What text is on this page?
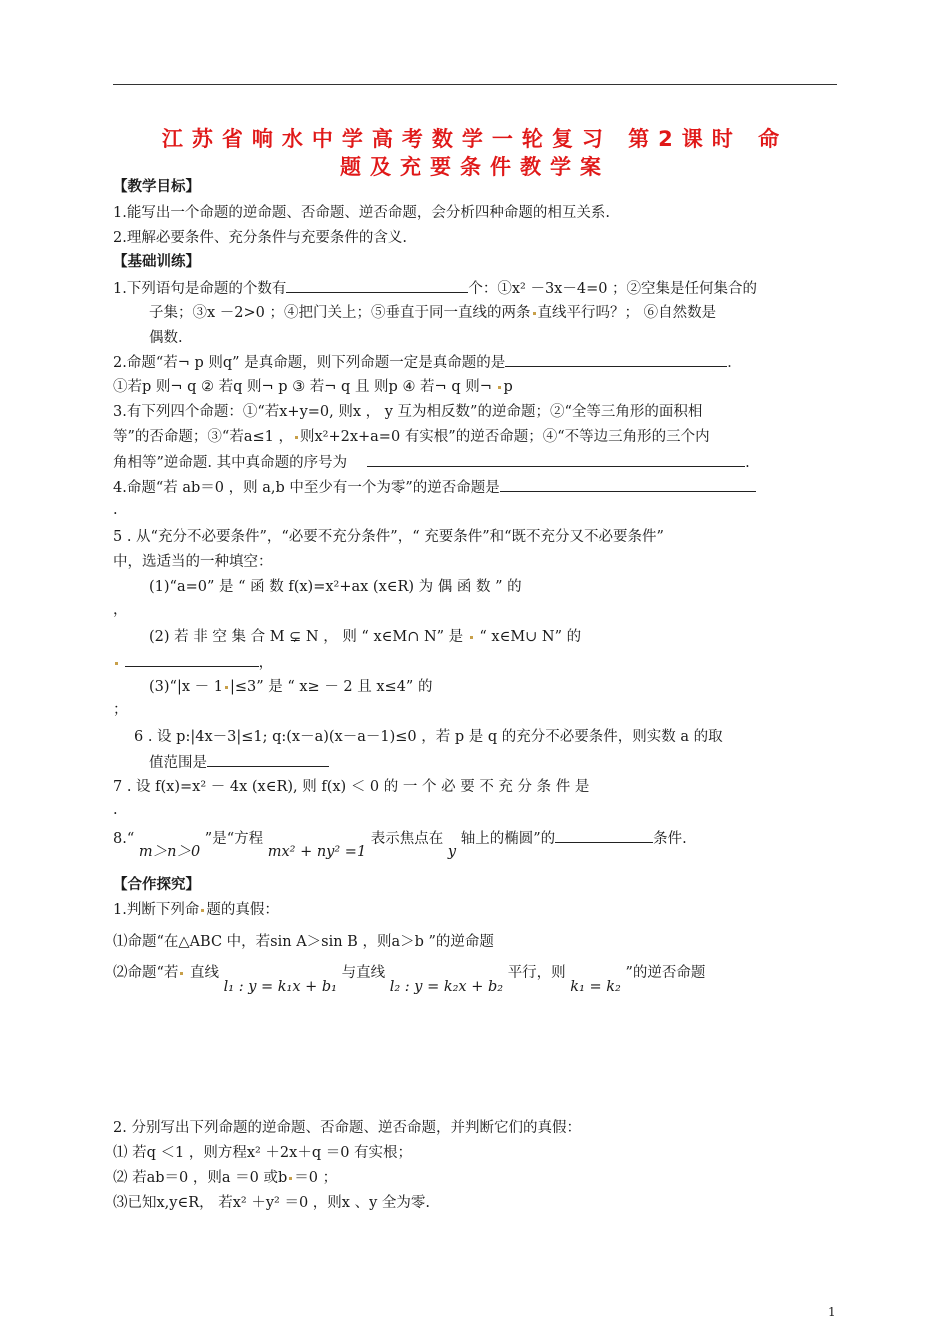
江苏省响水中学高考数学一轮复习 第2课时 命
题及充要条件教学案
【教学目标】
1.能写出一个命题的逆命题、否命题、逆否命题，会分析四种命题的相互关系.
2.理解必要条件、充分条件与充要条件的含义.
【基础训练】
1.下列语句是命题的个数有	个：①x² －3x－4=0 ；②空集是任何集合的
子集；③x －2>0 ；④把门关上；⑤垂直于同一直线的两条 直线平行吗？； ⑥自然数是
偶数.
2.命题“若¬ p 则q” 是真命题，则下列命题一定是真命题的是	．
①若p 则¬ q ② 若q 则¬ p ③ 若¬ q 且 则p ④ 若¬ q 则¬ p
3.有下列四个命题：①“若x+y=0, 则x ， y 互为相反数”的逆命题；②“全等三角形的面积相
等”的否命题；③“若a≤1 ， 则x²+2x+a=0 有实根”的逆否命题；④“不等边三角形的三个内
角相等”逆命题. 其中真命题的序号为	.
4.命题“若 ab＝0 ，则 a,b 中至少有一个为零”的逆否命题是
.
5 . 从“充分不必要条件”，“必要不充分条件”，“ 充要条件”和“既不充分又不必要条件”
中，选适当的一种填空：
(1)“a=0” 是 “ 函 数 f(x)=x²+ax (x∈R) 为 偶 函 数 ” 的
，
(2) 若 非 空 集 合 M ⊊ N ， 则 “ x∈M∩ N” 是 “ x∈M∪ N” 的
，
(3)“|x － 1 |≤3” 是 “ x≥ － 2 且 x≤4” 的
；
6 . 设 p:|4x－3|≤1; q:(x－a)(x－a－1)≤0 ，若 p 是 q 的充分不必要条件，则实数 a 的取
值范围是
7 . 设 f(x)=x² － 4x (x∈R), 则 f(x) ＜ 0 的 一 个 必 要 不 充 分 条 件 是
.
8.“ m＞n＞0 ”是“方程 mx² + ny² =1 表示焦点在 y 轴上的椭圆”的	条件.
【合作探究】
1.判断下列命 题的真假：
⑴命题“在△ABC 中，若sin A＞sin B ，则a＞b ”的逆命题
⑵命题“若 直线 l₁ : y = k₁x + b₁ 与直线 l₂ : y = k₂x + b₂ 平行，则 k₁ = k₂ ”的逆否命题
2. 分别写出下列命题的逆命题、否命题、逆否命题，并判断它们的真假：
⑴ 若q ＜1 ，则方程x² ＋2x＋q ＝0 有实根；
⑵ 若ab＝0 ，则a ＝0 或b ＝0 ；
⑶已知x,y∈R， 若x² ＋y² ＝0 ，则x 、y 全为零.
1
